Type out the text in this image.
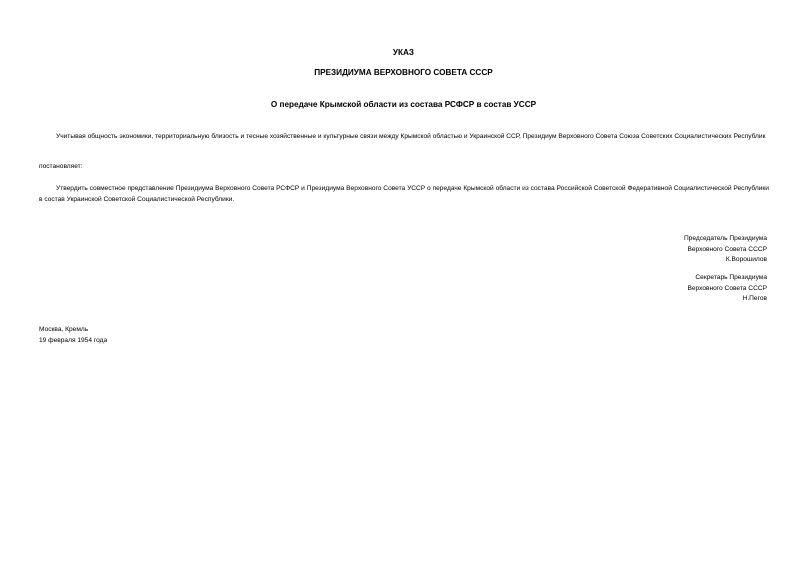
УКАЗ
ПРЕЗИДИУМА ВЕРХОВНОГО СОВЕТА СССР
О передаче Крымской области из состава РСФСР в состав УССР
Учитывая общность экономики, территориальную близость и тесные хозяйственные и культурные связи между Крымской областью и Украинской ССР, Президиум Верховного Совета Союза Советских Социалистических Республик
постановляет:
Утвердить совместное представление Президиума Верховного Совета РСФСР и Президиума Верховного Совета УССР о передаче Крымской области из состава Российской Советской Федеративной Социалистической Республики в состав Украинской Советской Социалистической Республики.
Председатель Президиума
Верховного Совета СССР
К.Ворошилов
Секретарь Президиума
Верховного Совета СССР
Н.Пегов
Москва, Кремль
19 февраля 1954 года
